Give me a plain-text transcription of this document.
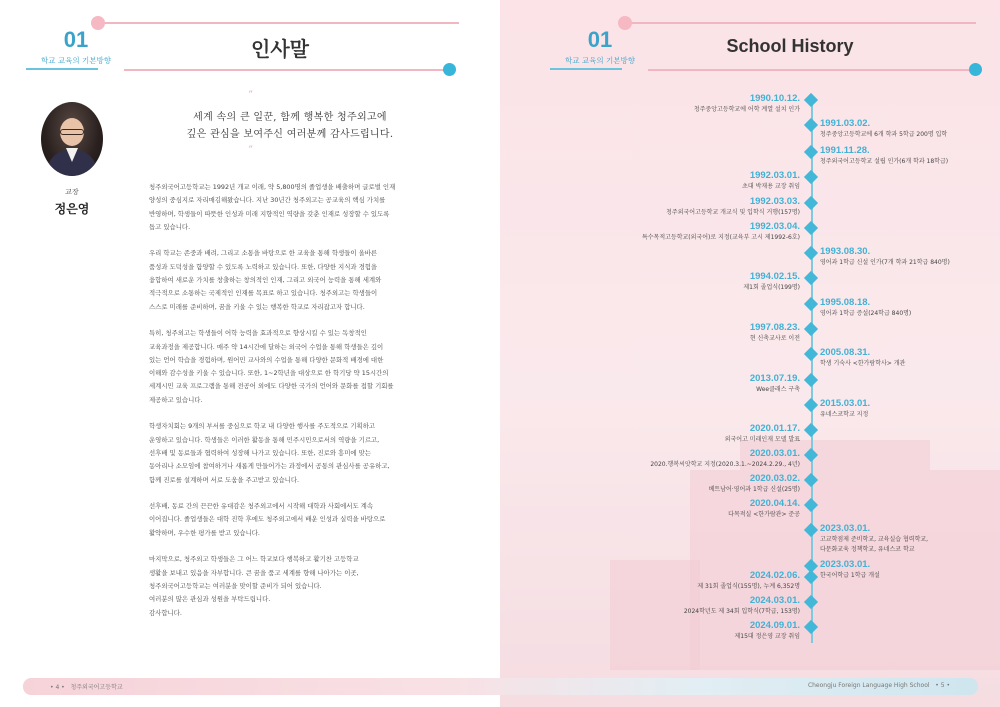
01
학교 교육의 기본방향	인사말
교장
정은영
”
세계 속의 큰 일꾼, 함께 행복한 청주외고에
깊은 관심을 보여주신 여러분께 감사드립니다.
”

청주외국어고등학교는 1992년 개교 이래, 약 5,800명의 졸업생을 배출하며 글로벌 인재
양성의 중심지로 자리매김해왔습니다. 지난 30년간 청주외고는 공교육의 핵심 가치를
반영하며, 학생들이 따뜻한 인성과 미래 지향적인 역량을 갖춘 인재로 성장할 수 있도록
돕고 있습니다.

우리 학교는 존중과 배려, 그리고 소통을 바탕으로 한 교육을 통해 학생들이 올바른
품성과 도덕성을 함양할 수 있도록 노력하고 있습니다. 또한, 다양한 지식과 경험을
융합하여 새로운 가치를 창출하는 창의적인 인재, 그리고 외국어 능력을 통해 세계와
적극적으로 소통하는 국제적인 인재를 목표로 하고 있습니다. 청주외고는 학생들이
스스로 미래를 준비하며, 꿈을 키울 수 있는 행복한 학교로 자리잡고자 합니다.

특히, 청주외고는 학생들이 어학 능력을 효과적으로 향상시킬 수 있는 독창적인
교육과정을 제공합니다. 매주 약 14시간에 달하는 외국어 수업을 통해 학생들은 깊이
있는 언어 학습을 경험하며, 원어민 교사와의 수업을 통해 다양한 문화적 배경에 대한
이해와 감수성을 키울 수 있습니다. 또한, 1~2학년을 대상으로 한 학기당 약 15시간의
세계시민 교육 프로그램을 통해 전공어 외에도 다양한 국가의 언어와 문화를 접할 기회를
제공하고 있습니다.

학생자치회는 9개의 부서를 중심으로 학교 내 다양한 행사를 주도적으로 기획하고
운영하고 있습니다. 학생들은 이러한 활동을 통해 민주시민으로서의 역량을 기르고,
선후배 및 동료들과 협력하여 성장해 나가고 있습니다. 또한, 진로와 흥미에 맞는
동아리나 소모임에 참여하거나 새롭게 만들어가는 과정에서 공통의 관심사를 공유하고,
함께 진로를 설계하며 서로 도움을 주고받고 있습니다.

선후배, 동료 간의 끈끈한 유대감은 청주외고에서 시작해 대학과 사회에서도 계속
이어집니다. 졸업생들은 대학 진학 후에도 청주외고에서 배운 인성과 실력을 바탕으로
활약하며, 우수한 평가를 받고 있습니다.

마지막으로, 청주외고 학생들은 그 어느 학교보다 행복하고 활기찬 고등학교
생활을 보내고 있음을 자부합니다. 큰 꿈을 품고 세계를 향해 나아가는 이곳,
청주외국어고등학교는 여러분을 맞이할 준비가 되어 있습니다.
여러분의 많은 관심과 성원을 부탁드립니다.
감사합니다.

01
학교 교육의 기본방향
School History
1990.10.12.
청주중앙고등학교에 어학 계열 설치 인가
1991.03.02.
청주중앙고등학교에 6개 학과 5학급 200명 입학
1991.11.28.
청주외국어고등학교 설립 인가(6개 학과 18학급)
1992.03.01.
초대 박재용 교장 취임
1992.03.03.
청주외국어고등학교 개교식 및 입학식 거행(157명)
1992.03.04.
특수목적고등학교(외국어)로 지정(교육부 고시 제1992-6호)
1993.08.30.
영어과 1학급 신설 인가(7개 학과 21학급 840명)
1994.02.15.
제1회 졸업식(199명)
1995.08.18.
영어과 1학급 증설(24학급 840명)
1997.08.23.
현 신축교사로 이전
2005.08.31.
학생 기숙사 <한가람학사> 개관
2013.07.19.
Wee클래스 구축
2015.03.01.
유네스코학교 지정
2020.01.17.
외국어고 미래인재 모델 발표
2020.03.01.
2020.행복씨앗학교 지정(2020.3.1.~2024.2.29., 4년)
2020.03.02.
베트남어·영어과 1학급 신설(25명)
2020.04.14.
다목적실 <한가람관> 준공
2023.03.01.
고교학점제 준비학교, 교육실습 협력학교,
다문화교육 정책학교, 유네스코 학교
2023.03.01.
한국어학급 1학급 개설
2024.02.06.
제 31회 졸업식(155명), 누계 6,352명
2024.03.01.
2024학년도 제 34회 입학식(7학급, 153명)
2024.09.01.
제15대 정은영 교장 취임
• 4 • 청주외국어고등학교	Cheongju Foreign Language High School • 5 •
